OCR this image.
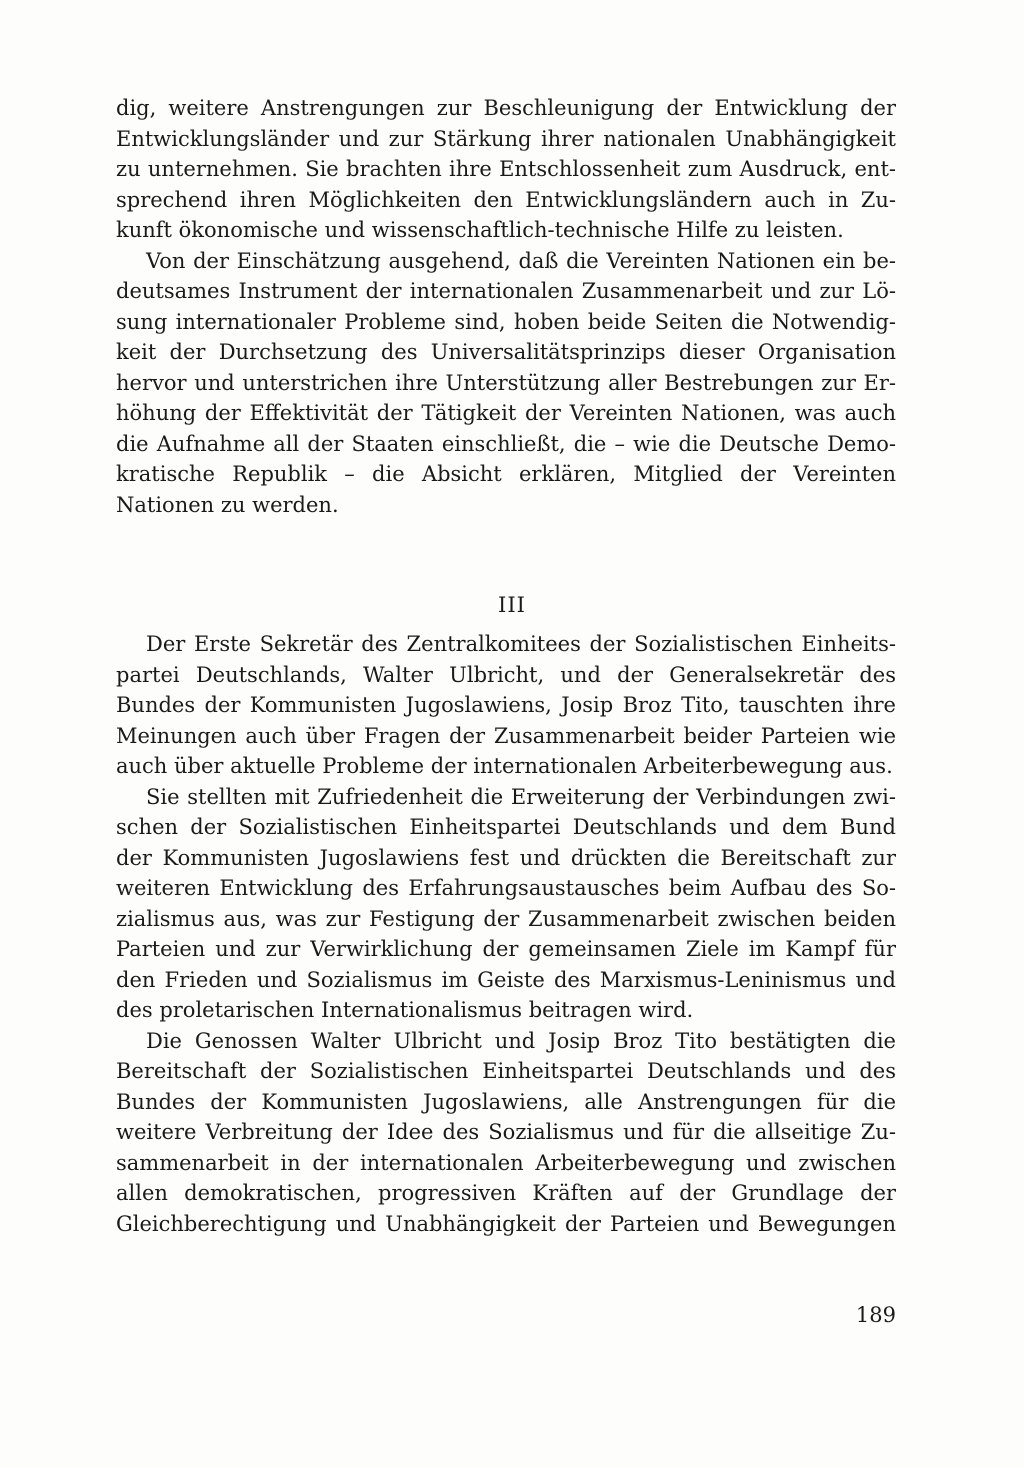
dig, weitere Anstrengungen zur Beschleunigung der Entwicklung der
Entwicklungsländer und zur Stärkung ihrer nationalen Unabhängigkeit
zu unternehmen. Sie brachten ihre Entschlossenheit zum Ausdruck, ent-
sprechend ihren Möglichkeiten den Entwicklungsländern auch in Zu-
kunft ökonomische und wissenschaftlich-technische Hilfe zu leisten.
Von der Einschätzung ausgehend, daß die Vereinten Nationen ein be-
deutsames Instrument der internationalen Zusammenarbeit und zur Lö-
sung internationaler Probleme sind, hoben beide Seiten die Notwendig-
keit der Durchsetzung des Universalitätsprinzips dieser Organisation
hervor und unterstrichen ihre Unterstützung aller Bestrebungen zur Er-
höhung der Effektivität der Tätigkeit der Vereinten Nationen, was auch
die Aufnahme all der Staaten einschließt, die – wie die Deutsche Demo-
kratische Republik – die Absicht erklären, Mitglied der Vereinten
Nationen zu werden.
III
Der Erste Sekretär des Zentralkomitees der Sozialistischen Einheits-
partei Deutschlands, Walter Ulbricht, und der Generalsekretär des
Bundes der Kommunisten Jugoslawiens, Josip Broz Tito, tauschten ihre
Meinungen auch über Fragen der Zusammenarbeit beider Parteien wie
auch über aktuelle Probleme der internationalen Arbeiterbewegung aus.
Sie stellten mit Zufriedenheit die Erweiterung der Verbindungen zwi-
schen der Sozialistischen Einheitspartei Deutschlands und dem Bund
der Kommunisten Jugoslawiens fest und drückten die Bereitschaft zur
weiteren Entwicklung des Erfahrungsaustausches beim Aufbau des So-
zialismus aus, was zur Festigung der Zusammenarbeit zwischen beiden
Parteien und zur Verwirklichung der gemeinsamen Ziele im Kampf für
den Frieden und Sozialismus im Geiste des Marxismus-Leninismus und
des proletarischen Internationalismus beitragen wird.
Die Genossen Walter Ulbricht und Josip Broz Tito bestätigten die
Bereitschaft der Sozialistischen Einheitspartei Deutschlands und des
Bundes der Kommunisten Jugoslawiens, alle Anstrengungen für die
weitere Verbreitung der Idee des Sozialismus und für die allseitige Zu-
sammenarbeit in der internationalen Arbeiterbewegung und zwischen
allen demokratischen, progressiven Kräften auf der Grundlage der
Gleichberechtigung und Unabhängigkeit der Parteien und Bewegungen
189
